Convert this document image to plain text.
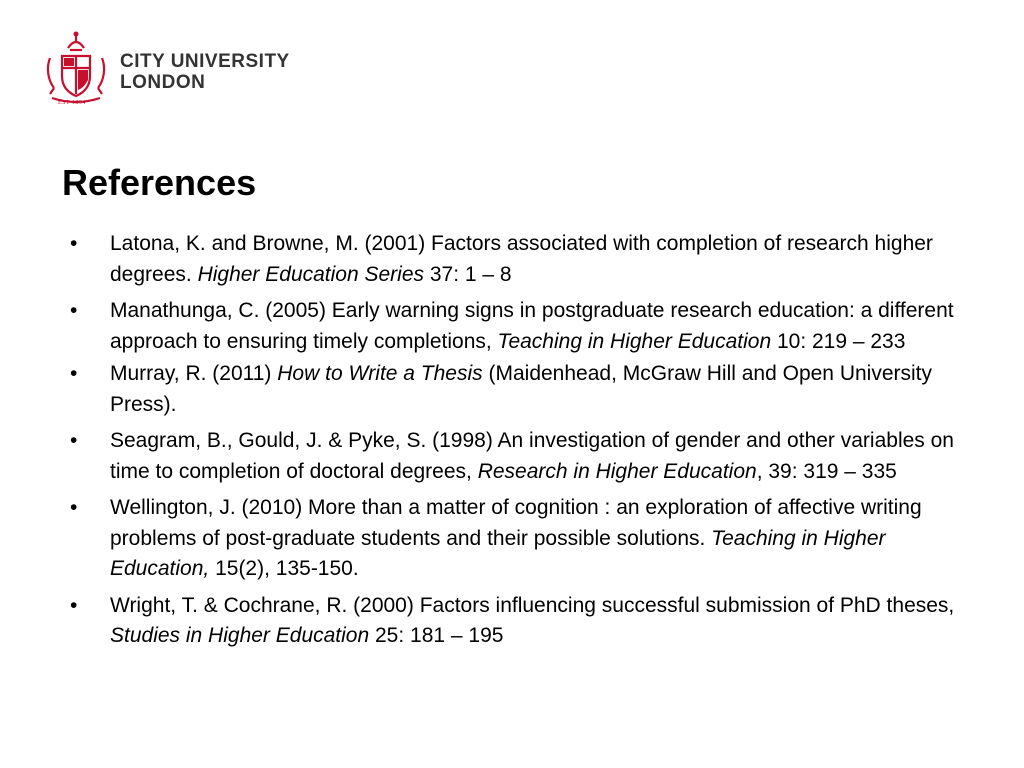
EST 1894
CITY UNIVERSITY
LONDON
References
• Latona, K. and Browne, M. (2001) Factors associated with completion of research higher degrees. Higher Education Series 37: 1 – 8
• Manathunga, C. (2005) Early warning signs in postgraduate research education: a different approach to ensuring timely completions, Teaching in Higher Education 10: 219 – 233
• Murray, R. (2011) How to Write a Thesis (Maidenhead, McGraw Hill and Open University Press).
• Seagram, B., Gould, J. & Pyke, S. (1998) An investigation of gender and other variables on time to completion of doctoral degrees, Research in Higher Education, 39: 319 – 335
• Wellington, J. (2010) More than a matter of cognition : an exploration of affective writing problems of post-graduate students and their possible solutions. Teaching in Higher Education, 15(2), 135-150.
• Wright, T. & Cochrane, R. (2000) Factors influencing successful submission of PhD theses, Studies in Higher Education 25: 181 – 195
